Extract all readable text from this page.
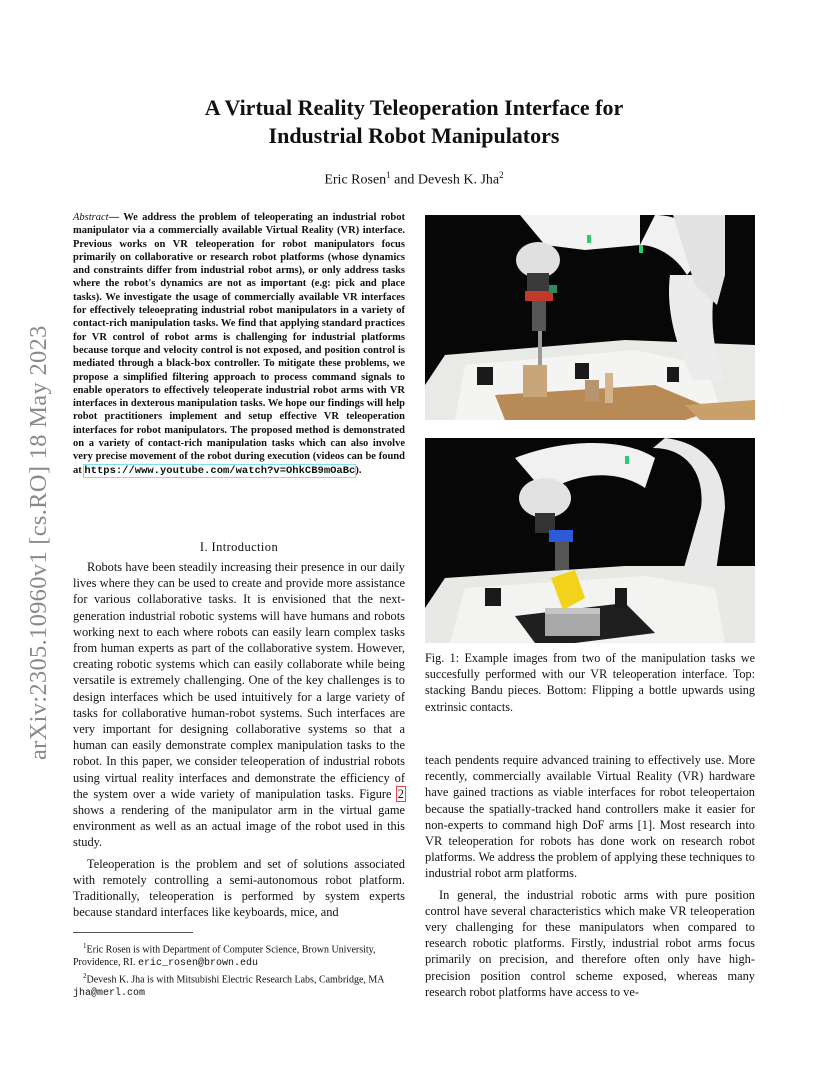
arXiv:2305.10960v1 [cs.RO] 18 May 2023
A Virtual Reality Teleoperation Interface for
Industrial Robot Manipulators
Eric Rosen$^1$ and Devesh K. Jha$^2$
Abstract— We address the problem of teleoperating an industrial robot manipulator via a commercially available Virtual Reality (VR) interface. Previous works on VR teleoperation for robot manipulators focus primarily on collaborative or research robot platforms (whose dynamics and constraints differ from industrial robot arms), or only address tasks where the robot's dynamics are not as important (e.g: pick and place tasks). We investigate the usage of commercially available VR interfaces for effectively teleoeprating industrial robot manipulators in a variety of contact-rich manipulation tasks. We find that applying standard practices for VR control of robot arms is challenging for industrial platforms because torque and velocity control is not exposed, and position control is mediated through a black-box controller. To mitigate these problems, we propose a simplified filtering approach to process command signals to enable operators to effectively teleoperate industrial robot arms with VR interfaces in dexterous manipulation tasks. We hope our findings will help robot practitioners implement and setup effective VR teleoperation interfaces for robot manipulators. The proposed method is demonstrated on a variety of contact-rich manipulation tasks which can also involve very precise movement of the robot during execution (videos can be found at https://www.youtube.com/watch?v=OhkCB9mOaBc).
I. Introduction

Robots have been steadily increasing their presence in our daily lives where they can be used to create and provide more assistance for various collaborative tasks. It is envisioned that the next-generation industrial robotic systems will have humans and robots working next to each where robots can easily learn complex tasks from human experts as part of the collaborative system. However, creating robotic systems which can easily collaborate while being versatile is extremely challenging. One of the key challenges is to design interfaces which be used intuitively for a large variety of tasks for collaborative human-robot systems. Such interfaces are very important for designing collaborative systems so that a human can easily demonstrate complex manipulation tasks to the robot. In this paper, we consider teleoperation of industrial robots using virtual reality interfaces and demonstrate the efficiency of the system over a wide variety of manipulation tasks. Figure 2 shows a rendering of the manipulator arm in the virtual game environment as well as an actual image of the robot used in this study.

Teleoperation is the problem and set of solutions associated with remotely controlling a semi-autonomous robot platform. Traditionally, teleoperation is performed by system experts because standard interfaces like keyboards, mice, and

$^1$Eric Rosen is with Department of Computer Science, Brown University, Providence, RI. eric_rosen@brown.edu

$^2$Devesh K. Jha is with Mitsubishi Electric Research Labs, Cambridge, MA jha@merl.com

Fig. 1: Example images from two of the manipulation tasks we succesfully performed with our VR teleoperation interface. Top: stacking Bandu pieces. Bottom: Flipping a bottle upwards using extrinsic contacts.

teach pendents require advanced training to effectively use. More recently, commercially available Virtual Reality (VR) hardware have gained tractions as viable interfaces for robot teleopertaion because the spatially-tracked hand controllers make it easier for non-experts to command high DoF arms [1]. Most research into VR teleoperation for robots has done work on research robot platforms. We address the problem of applying these techniques to industrial robot arm platforms.

In general, the industrial robotic arms with pure position control have several characteristics which make VR teleoperation very challenging for these manipulators when compared to research robotic platforms. Firstly, industrial robot arms focus primarily on precision, and therefore often only have high-precision position control scheme exposed, whereas many research robot platforms have access to ve-
